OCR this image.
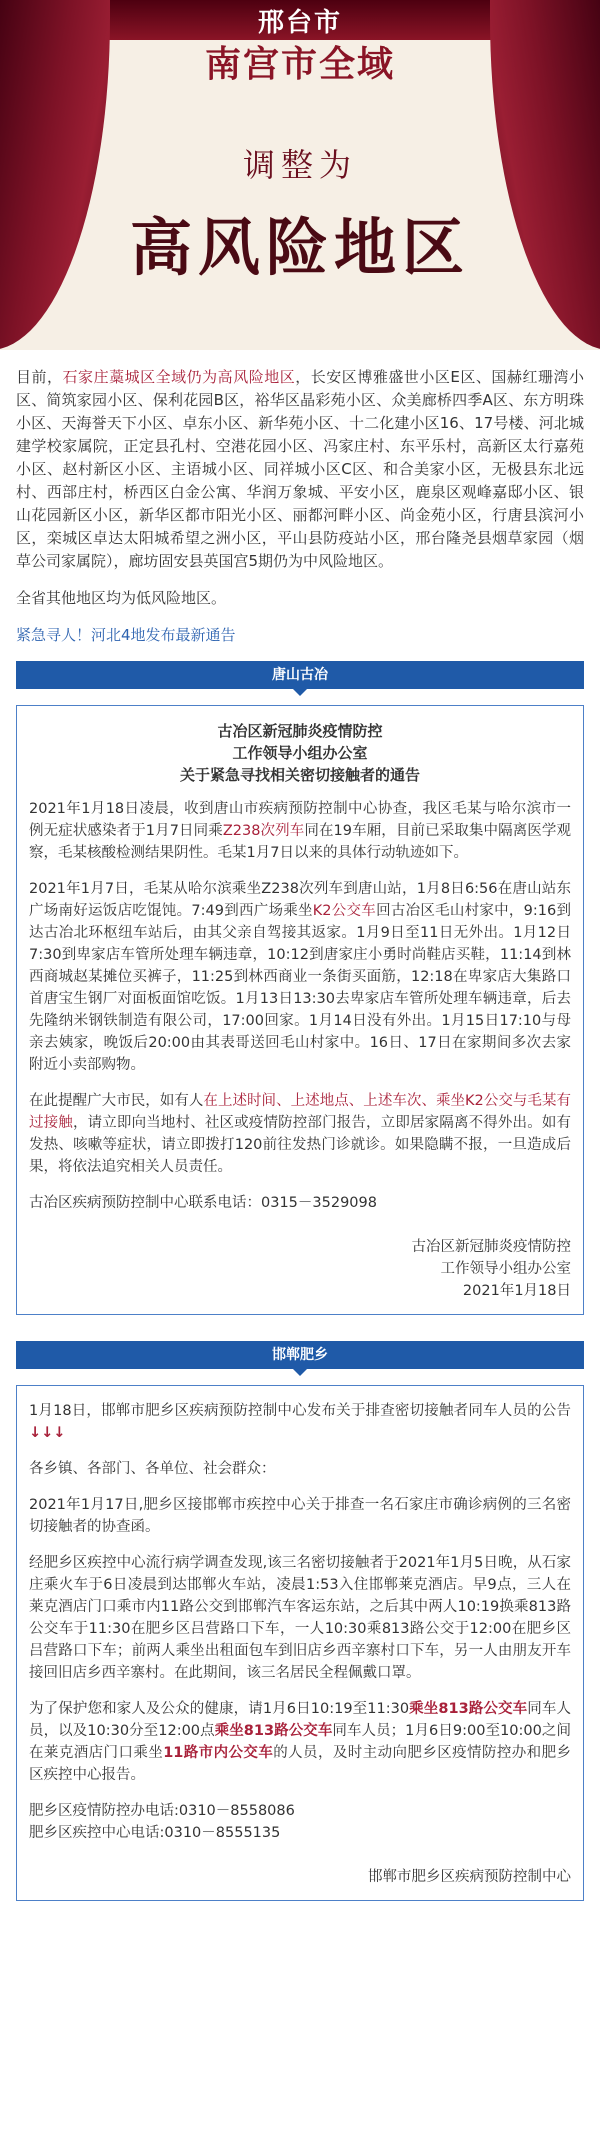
邢台市
南宫市全域
调整为
高风险地区

目前，石家庄藁城区全域仍为高风险地区，长安区博雅盛世小区E区、国赫红珊湾小区、简筑家园小区、保利花园B区，裕华区晶彩苑小区、众美廊桥四季A区、东方明珠小区、天海誉天下小区、卓东小区、新华苑小区、十二化建小区16、17号楼、河北城建学校家属院，正定县孔村、空港花园小区、冯家庄村、东平乐村，高新区太行嘉苑小区、赵村新区小区、主语城小区、同祥城小区C区、和合美家小区，无极县东北远村、西部庄村，桥西区白金公寓、华润万象城、平安小区，鹿泉区观峰嘉邸小区、银山花园新区小区，新华区都市阳光小区、丽都河畔小区、尚金苑小区，行唐县滨河小区，栾城区卓达太阳城希望之洲小区，平山县防疫站小区，邢台隆尧县烟草家园（烟草公司家属院），廊坊固安县英国宫5期仍为中风险地区。

全省其他地区均为低风险地区。

紧急寻人！河北4地发布最新通告

唐山古冶
古冶区新冠肺炎疫情防控
工作领导小组办公室
关于紧急寻找相关密切接触者的通告

2021年1月18日凌晨，收到唐山市疾病预防控制中心协查，我区毛某与哈尔滨市一例无症状感染者于1月7日同乘Z238次列车同在19车厢，目前已采取集中隔离医学观察，毛某核酸检测结果阴性。毛某1月7日以来的具体行动轨迹如下。

2021年1月7日，毛某从哈尔滨乘坐Z238次列车到唐山站，1月8日6:56在唐山站东广场南好运饭店吃馄饨。7:49到西广场乘坐K2公交车回古冶区毛山村家中，9:16到达古冶北环枢纽车站后，由其父亲自驾接其返家。1月9日至11日无外出。1月12日7:30到卑家店车管所处理车辆违章，10:12到唐家庄小勇时尚鞋店买鞋，11:14到林西商城赵某摊位买裤子，11:25到林西商业一条街买面筋，12:18在卑家店大集路口首唐宝生钢厂对面板面馆吃饭。1月13日13:30去卑家店车管所处理车辆违章，后去先隆纳米钢铁制造有限公司，17:00回家。1月14日没有外出。1月15日17:10与母亲去姨家，晚饭后20:00由其表哥送回毛山村家中。16日、17日在家期间多次去家附近小卖部购物。

在此提醒广大市民，如有人在上述时间、上述地点、上述车次、乘坐K2公交与毛某有过接触，请立即向当地村、社区或疫情防控部门报告，立即居家隔离不得外出。如有发热、咳嗽等症状，请立即拨打120前往发热门诊就诊。如果隐瞒不报，一旦造成后果，将依法追究相关人员责任。

古冶区疾病预防控制中心联系电话：0315－3529098

古冶区新冠肺炎疫情防控

工作领导小组办公室

2021年1月18日

邯郸肥乡

1月18日，邯郸市肥乡区疾病预防控制中心发布关于排查密切接触者同车人员的公告↓↓↓

各乡镇、各部门、各单位、社会群众：

2021年1月17日,肥乡区接邯郸市疾控中心关于排查一名石家庄市确诊病例的三名密切接触者的协查函。

经肥乡区疾控中心流行病学调查发现,该三名密切接触者于2021年1月5日晚，从石家庄乘火车于6日凌晨到达邯郸火车站，凌晨1:53入住邯郸莱克酒店。早9点，三人在莱克酒店门口乘市内11路公交到邯郸汽车客运东站，之后其中两人10:19换乘813路公交车于11:30在肥乡区吕营路口下车，一人10:30乘813路公交于12:00在肥乡区吕营路口下车；前两人乘坐出租面包车到旧店乡西辛寨村口下车，另一人由朋友开车接回旧店乡西辛寨村。在此期间，该三名居民全程佩戴口罩。

为了保护您和家人及公众的健康，请1月6日10:19至11:30乘坐813路公交车同车人员，以及10:30分至12:00点乘坐813路公交车同车人员；1月6日9:00至10:00之间在莱克酒店门口乘坐11路市内公交车的人员，及时主动向肥乡区疫情防控办和肥乡区疾控中心报告。

肥乡区疫情防控办电话:0310－8558086

肥乡区疾控中心电话:0310－8555135

邯郸市肥乡区疾病预防控制中心
